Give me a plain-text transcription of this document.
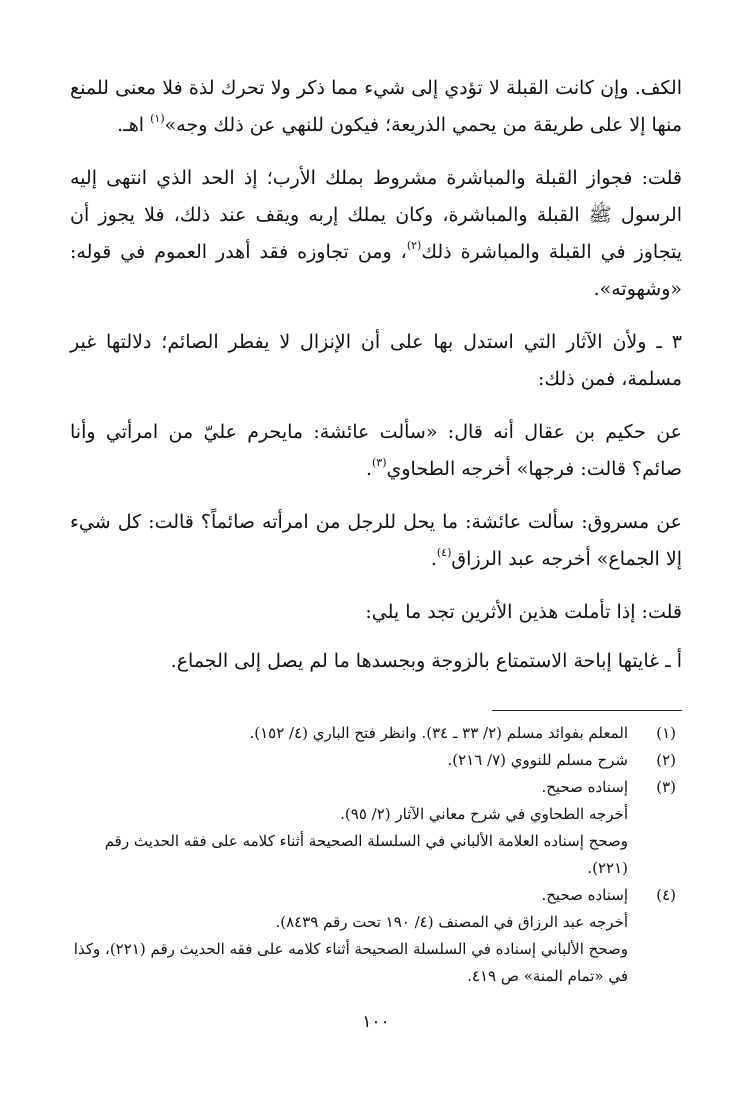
الكف. وإن كانت القبلة لا تؤدي إلى شيء مما ذكر ولا تحرك لذة فلا معنى للمنع منها إلا على طريقة من يحمي الذريعة؛ فيكون للنهي عن ذلك وجه»$^{(١)}$ اهـ.

قلت: فجواز القبلة والمباشرة مشروط بملك الأرب؛ إذ الحد الذي انتهى إليه الرسول ﷺ القبلة والمباشرة، وكان يملك إربه ويقف عند ذلك، فلا يجوز أن يتجاوز في القبلة والمباشرة ذلك$^{(٢)}$، ومن تجاوزه فقد أهدر العموم في قوله: «وشهوته».

٣ ـ ولأن الآثار التي استدل بها على أن الإنزال لا يفطر الصائم؛ دلالتها غير مسلمة، فمن ذلك:

عن حكيم بن عقال أنه قال: «سألت عائشة: مايحرم عليّ من امرأتي وأنا صائم؟ قالت: فرجها» أخرجه الطحاوي$^{(٣)}$.

عن مسروق: سألت عائشة: ما يحل للرجل من امرأته صائماً؟ قالت: كل شيء إلا الجماع» أخرجه عبد الرزاق$^{(٤)}$.

قلت: إذا تأملت هذين الأثرين تجد ما يلي:

أ ـ غايتها إباحة الاستمتاع بالزوجة وبجسدها ما لم يصل إلى الجماع.

(١)
المعلم بفوائد مسلم (٢/ ٣٣ ـ ٣٤). وانظر فتح الباري (٤/ ١٥٢).
(٢)
شرح مسلم للنووي (٧/ ٢١٦).
(٣)
إسناده صحيح.
أخرجه الطحاوي في شرح معاني الآثار (٢/ ٩٥).
وصحح إسناده العلامة الألباني في السلسلة الصحيحة أثناء كلامه على فقه الحديث رقم (٢٢١).
(٤)
إسناده صحيح.
أخرجه عبد الرزاق في المصنف (٤/ ١٩٠ تحت رقم ٨٤٣٩).
وصحح الألباني إسناده في السلسلة الصحيحة أثناء كلامه على فقه الحديث رقم (٢٢١)، وكذا في «تمام المنة» ص ٤١٩.
١٠٠
